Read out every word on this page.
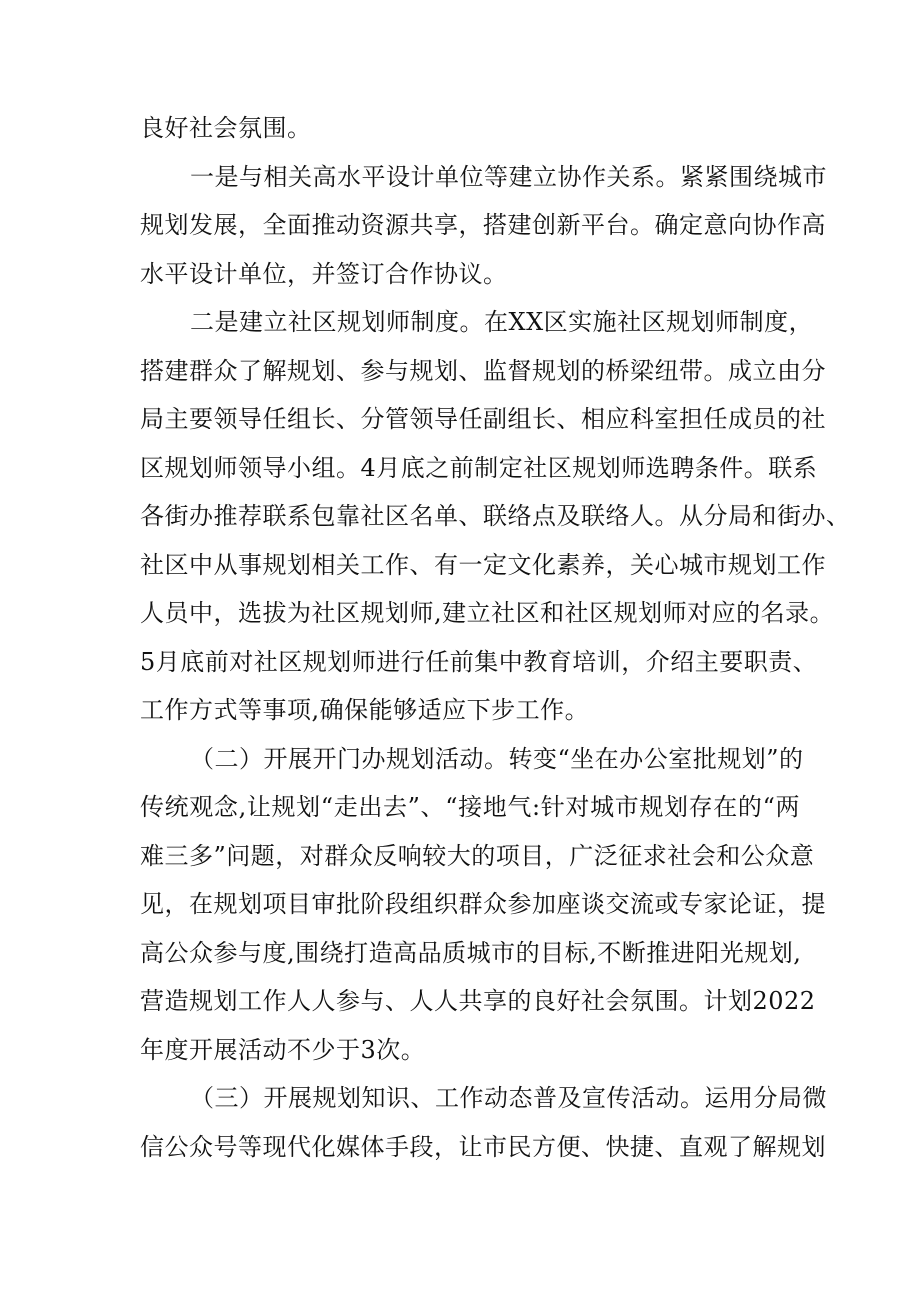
良好社会氛围。
一是与相关高水平设计单位等建立协作关系。紧紧围绕城市
规划发展，全面推动资源共享，搭建创新平台。确定意向协作高
水平设计单位，并签订合作协议。
二是建立社区规划师制度。在XX区实施社区规划师制度，
搭建群众了解规划、参与规划、监督规划的桥梁纽带。成立由分
局主要领导任组长、分管领导任副组长、相应科室担任成员的社
区规划师领导小组。4月底之前制定社区规划师选聘条件。联系
各街办推荐联系包靠社区名单、联络点及联络人。从分局和街办、
社区中从事规划相关工作、有一定文化素养，关心城市规划工作
人员中，选拔为社区规划师,建立社区和社区规划师对应的名录。
5月底前对社区规划师进行任前集中教育培训，介绍主要职责、
工作方式等事项,确保能够适应下步工作。
（二）开展开门办规划活动。转变“坐在办公室批规划”的
传统观念,让规划“走出去”、“接地气:针对城市规划存在的“两
难三多”问题，对群众反响较大的项目，广泛征求社会和公众意
见，在规划项目审批阶段组织群众参加座谈交流或专家论证，提
高公众参与度,围绕打造高品质城市的目标,不断推进阳光规划,
营造规划工作人人参与、人人共享的良好社会氛围。计划2022
年度开展活动不少于3次。
（三）开展规划知识、工作动态普及宣传活动。运用分局微
信公众号等现代化媒体手段，让市民方便、快捷、直观了解规划
